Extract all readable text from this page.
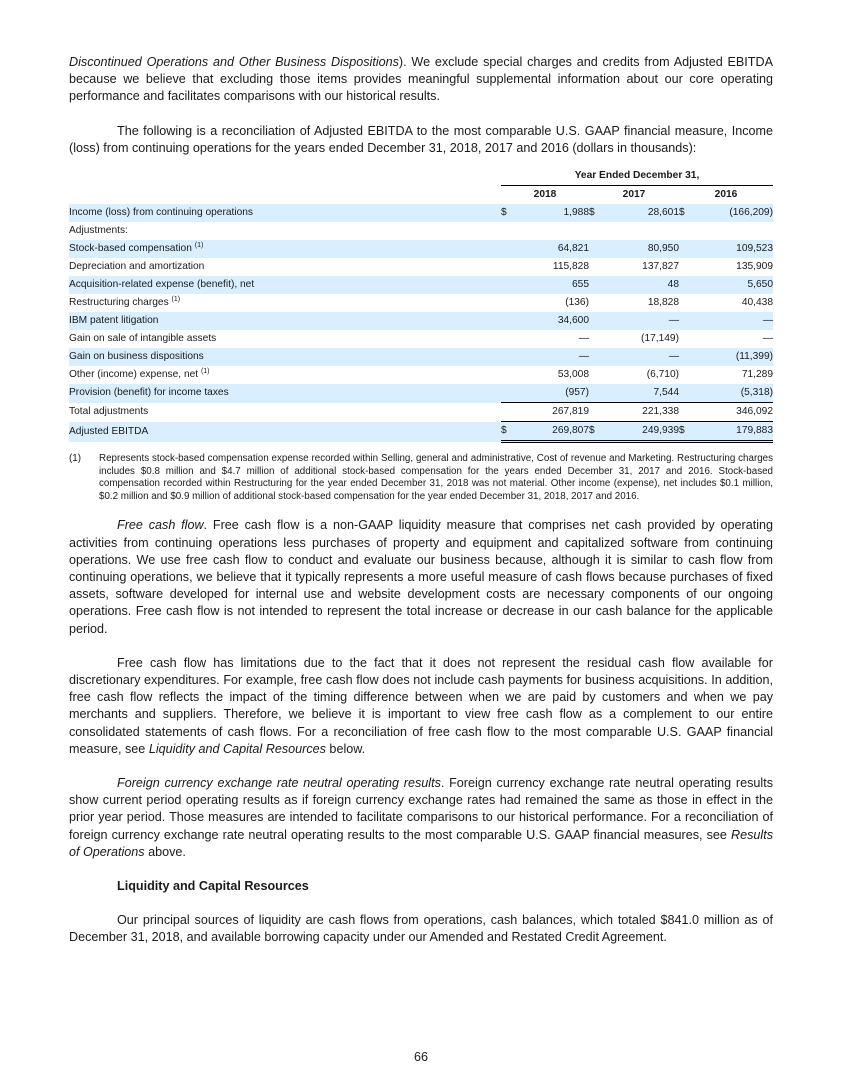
Discontinued Operations and Other Business Dispositions). We exclude special charges and credits from Adjusted EBITDA because we believe that excluding those items provides meaningful supplemental information about our core operating performance and facilitates comparisons with our historical results.

The following is a reconciliation of Adjusted EBITDA to the most comparable U.S. GAAP financial measure, Income (loss) from continuing operations for the years ended December 31, 2018, 2017 and 2016 (dollars in thousands):

	Year Ended December 31,					
	2018		2017		2016	
Income (loss) from continuing operations	$	1,988	$	28,601	$	(166,209)
Adjustments:						
Stock-based compensation $^{(1)}$		64,821		80,950		109,523
Depreciation and amortization		115,828		137,827		135,909
Acquisition-related expense (benefit), net		655		48		5,650
Restructuring charges $^{(1)}$		(136)		18,828		40,438
IBM patent litigation		34,600		—		—
Gain on sale of intangible assets		—		(17,149)		—
Gain on business dispositions		—		—		(11,399)
Other (income) expense, net $^{(1)}$		53,008		(6,710)		71,289
Provision (benefit) for income taxes		(957)		7,544		(5,318)
Total adjustments		267,819		221,338		346,092
Adjusted EBITDA	$	269,807	$	249,939	$	179,883
(1)	Represents stock-based compensation expense recorded within Selling, general and administrative, Cost of revenue and Marketing. Restructuring charges includes $0.8 million and $4.7 million of additional stock-based compensation for the years ended December 31, 2017 and 2016. Stock-based compensation recorded within Restructuring for the year ended December 31, 2018 was not material. Other income (expense), net includes $0.1 million, $0.2 million and $0.9 million of additional stock-based compensation for the year ended December 31, 2018, 2017 and 2016.

Free cash flow. Free cash flow is a non-GAAP liquidity measure that comprises net cash provided by operating activities from continuing operations less purchases of property and equipment and capitalized software from continuing operations. We use free cash flow to conduct and evaluate our business because, although it is similar to cash flow from continuing operations, we believe that it typically represents a more useful measure of cash flows because purchases of fixed assets, software developed for internal use and website development costs are necessary components of our ongoing operations. Free cash flow is not intended to represent the total increase or decrease in our cash balance for the applicable period.

Free cash flow has limitations due to the fact that it does not represent the residual cash flow available for discretionary expenditures. For example, free cash flow does not include cash payments for business acquisitions. In addition, free cash flow reflects the impact of the timing difference between when we are paid by customers and when we pay merchants and suppliers. Therefore, we believe it is important to view free cash flow as a complement to our entire consolidated statements of cash flows. For a reconciliation of free cash flow to the most comparable U.S. GAAP financial measure, see Liquidity and Capital Resources below.

Foreign currency exchange rate neutral operating results. Foreign currency exchange rate neutral operating results show current period operating results as if foreign currency exchange rates had remained the same as those in effect in the prior year period. Those measures are intended to facilitate comparisons to our historical performance. For a reconciliation of foreign currency exchange rate neutral operating results to the most comparable U.S. GAAP financial measures, see Results of Operations above.

Liquidity and Capital Resources

Our principal sources of liquidity are cash flows from operations, cash balances, which totaled $841.0 million as of December 31, 2018, and available borrowing capacity under our Amended and Restated Credit Agreement.

66
